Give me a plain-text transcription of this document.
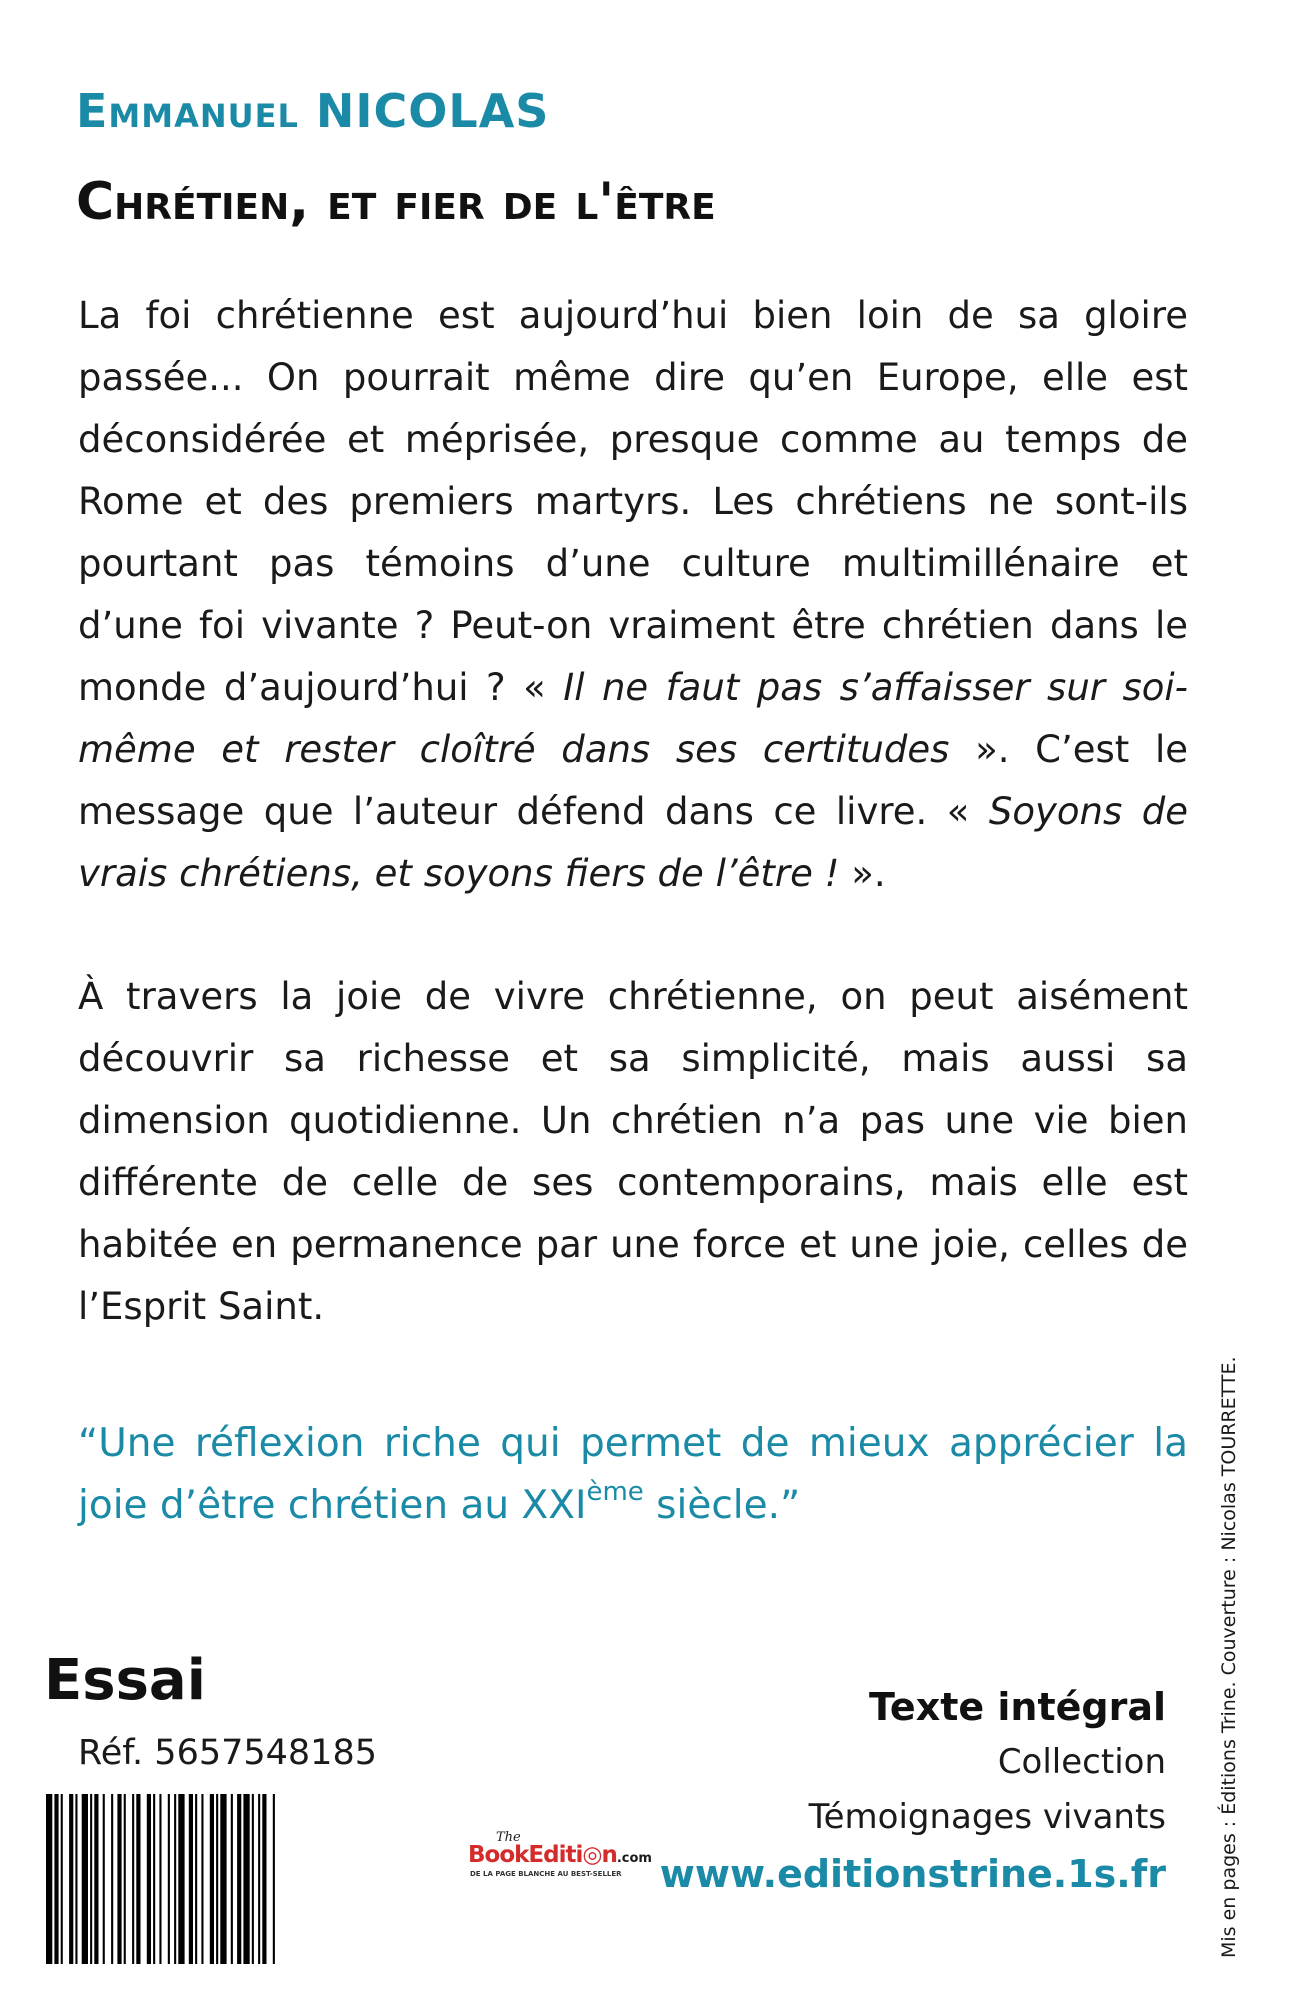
Emmanuel NICOLAS
Chrétien, et fier de l'être

La foi chrétienne est aujourd’hui bien loin de sa gloire passée... On pourrait même dire qu’en Europe, elle est déconsidérée et méprisée, presque comme au temps de Rome et des premiers martyrs. Les chrétiens ne sont-ils pourtant pas témoins d’une culture multimillénaire et d’une foi vivante ? Peut-on vraiment être chrétien dans le monde d’aujourd’hui ? « Il ne faut pas s’affaisser sur soi-même et rester cloîtré dans ses certitudes ». C’est le message que l’auteur défend dans ce livre. « Soyons de vrais chrétiens, et soyons fiers de l’être ! ».

À travers la joie de vivre chrétienne, on peut aisément découvrir sa richesse et sa simplicité, mais aussi sa dimension quotidienne. Un chrétien n’a pas une vie bien différente de celle de ses contemporains, mais elle est habitée en permanence par une force et une joie, celles de l’Esprit Saint.

“Une réflexion riche qui permet de mieux apprécier la joie d’être chrétien au XXIème siècle.”

Essai
Réf. 5657548185
The
BookEditi◎n.com
DE LA PAGE BLANCHE AU BEST-SELLER
Texte intégral
Collection
Témoignages vivants
www.editionstrine.1s.fr	Mis en pages : Éditions Trine. Couverture : Nicolas TOURRETTE.
